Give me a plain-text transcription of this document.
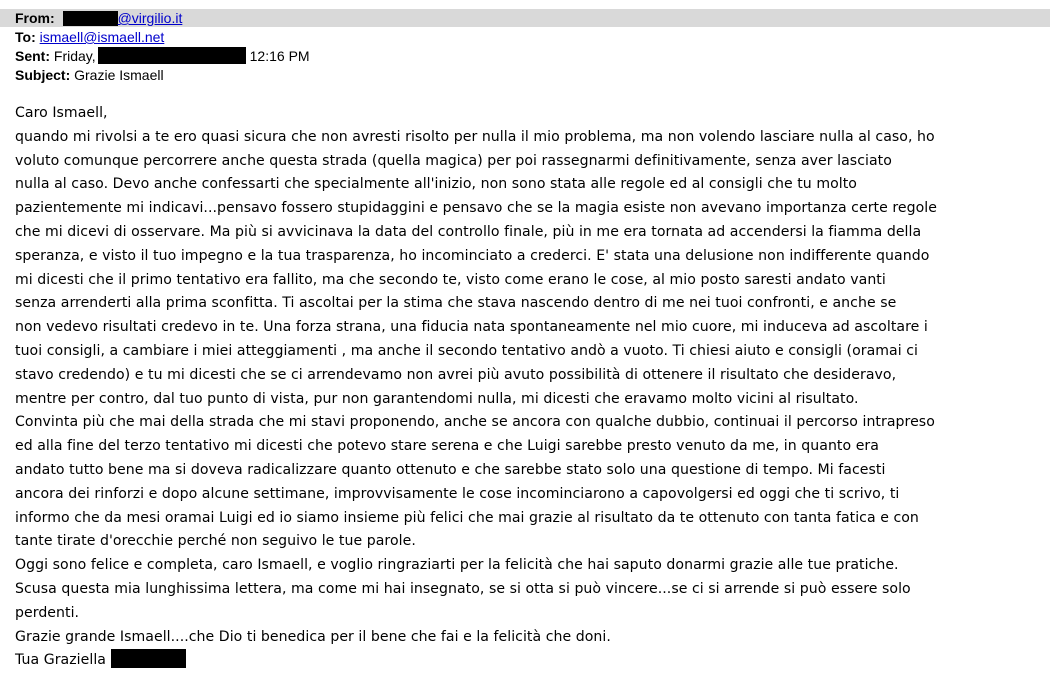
From:	@virgilio.it
To: ismaell@ismaell.net
Sent: Friday,	12:16 PM
Subject: Grazie Ismaell
Caro Ismaell,
quando mi rivolsi a te ero quasi sicura che non avresti risolto per nulla il mio problema, ma non volendo lasciare nulla al caso, ho
voluto comunque percorrere anche questa strada (quella magica) per poi rassegnarmi definitivamente, senza aver lasciato
nulla al caso. Devo anche confessarti che specialmente all'inizio, non sono stata alle regole ed al consigli che tu molto
pazientemente mi indicavi...pensavo fossero stupidaggini e pensavo che se la magia esiste non avevano importanza certe regole
che mi dicevi di osservare. Ma più si avvicinava la data del controllo finale, più in me era tornata ad accendersi la fiamma della
speranza, e visto il tuo impegno e la tua trasparenza, ho incominciato a crederci. E' stata una delusione non indifferente quando
mi dicesti che il primo tentativo era fallito, ma che secondo te, visto come erano le cose, al mio posto saresti andato vanti
senza arrenderti alla prima sconfitta. Ti ascoltai per la stima che stava nascendo dentro di me nei tuoi confronti, e anche se
non vedevo risultati credevo in te. Una forza strana, una fiducia nata spontaneamente nel mio cuore, mi induceva ad ascoltare i
tuoi consigli, a cambiare i miei atteggiamenti , ma anche il secondo tentativo andò a vuoto. Ti chiesi aiuto e consigli (oramai ci
stavo credendo) e tu mi dicesti che se ci arrendevamo non avrei più avuto possibilità di ottenere il risultato che desideravo,
mentre per contro, dal tuo punto di vista, pur non garantendomi nulla, mi dicesti che eravamo molto vicini al risultato.
Convinta più che mai della strada che mi stavi proponendo, anche se ancora con qualche dubbio, continuai il percorso intrapreso
ed alla fine del terzo tentativo mi dicesti che potevo stare serena e che Luigi sarebbe presto venuto da me, in quanto era
andato tutto bene ma si doveva radicalizzare quanto ottenuto e che sarebbe stato solo una questione di tempo. Mi facesti
ancora dei rinforzi e dopo alcune settimane, improvvisamente le cose incominciarono a capovolgersi ed oggi che ti scrivo, ti
informo che da mesi oramai Luigi ed io siamo insieme più felici che mai grazie al risultato da te ottenuto con tanta fatica e con
tante tirate d'orecchie perché non seguivo le tue parole.
Oggi sono felice e completa, caro Ismaell, e voglio ringraziarti per la felicità che hai saputo donarmi grazie alle tue pratiche.
Scusa questa mia lunghissima lettera, ma come mi hai insegnato, se si otta si può vincere...se ci si arrende si può essere solo
perdenti.
Grazie grande Ismaell....che Dio ti benedica per il bene che fai e la felicità che doni.
Tua Graziella
